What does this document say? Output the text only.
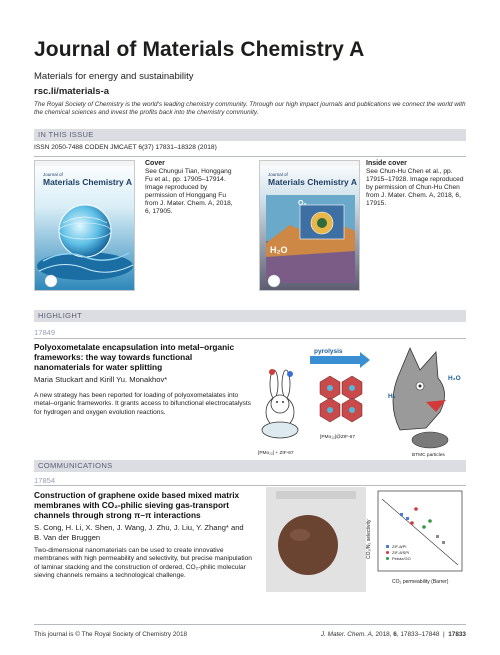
Journal of Materials Chemistry A
Materials for energy and sustainability
rsc.li/materials-a
The Royal Society of Chemistry is the world's leading chemistry community. Through our high impact journals and publications we connect the world with the chemical sciences and invest the profits back into the chemistry community.
IN THIS ISSUE
ISSN 2050-7488 CODEN JMCAET 6(37) 17831–18328 (2018)
Journal of
Materials Chemistry A
Cover
See Chungui Tian, Honggang Fu et al., pp. 17905–17914. Image reproduced by permission of Honggang Fu from J. Mater. Chem. A, 2018, 6, 17905.
Journal of
Materials Chemistry A
H₂O
O₂
Inside cover
See Chun-Hu Chen et al., pp. 17915–17928. Image reproduced by permission of Chun-Hu Chen from J. Mater. Chem. A, 2018, 6, 17915.
HIGHLIGHT
17849
Polyoxometalate encapsulation into metal–organic frameworks: the way towards functional nanomaterials for water splitting
Maria Stuckart and Kirill Yu. Monakhov*
A new strategy has been reported for loading of polyoxometalates into metal–organic frameworks. It grants access to bifunctional electrocatalysts for hydrogen and oxygen evolution reactions.
pyrolysis
H₂
H₂O
[PMo₁₂] + ZIF-67
[PMo₁₂]@ZIF-67
BTMC particles
COMMUNICATIONS
17854
Construction of graphene oxide based mixed matrix membranes with CO₂-philic sieving gas-transport channels through strong π–π interactions
S. Cong, H. Li, X. Shen, J. Wang, J. Zhu, J. Liu, Y. Zhang* and B. Van der Bruggen
Two-dimensional nanomaterials can be used to create innovative membranes with high permeability and selectivity, but precise manipulation of laminar stacking and the construction of ordered, CO₂-philic molecular sieving channels remains a technological challenge.
CO₂/N₂ selectivity
CO₂ permeability (Barrer)
ZIF-8/PI
ZIF-8/SPI
Pebax/GO
This journal is © The Royal Society of Chemistry 2018	J. Mater. Chem. A, 2018, 6, 17833–17848  |  17833
